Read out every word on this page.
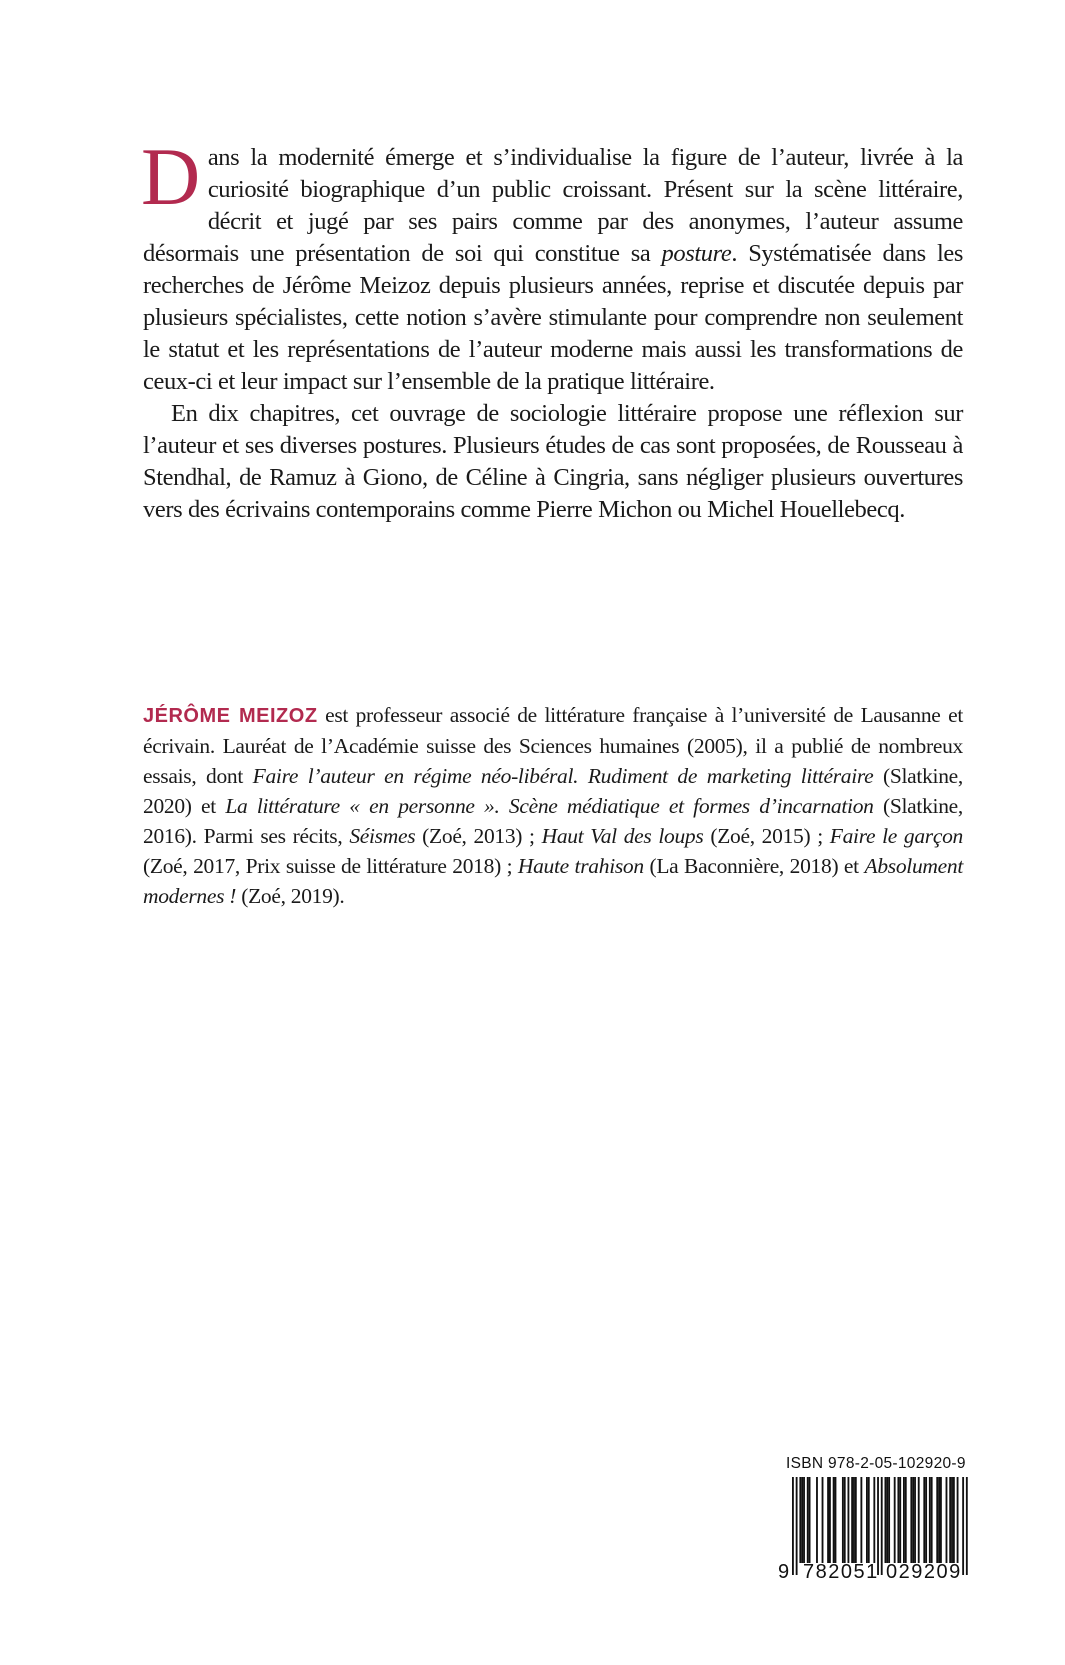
Dans la modernité émerge et s’individualise la figure de l’auteur, livrée à la curiosité biographique d’un public croissant. Présent sur la scène littéraire, décrit et jugé par ses pairs comme par des anonymes, l’auteur assume désormais une présentation de soi qui constitue sa posture. Systématisée dans les recherches de Jérôme Meizoz depuis plusieurs années, reprise et discutée depuis par plusieurs spécialistes, cette notion s’avère stimulante pour comprendre non seulement le statut et les représentations de l’auteur moderne mais aussi les transformations de ceux-ci et leur impact sur l’ensemble de la pratique littéraire.

En dix chapitres, cet ouvrage de sociologie littéraire propose une réflexion sur l’auteur et ses diverses postures. Plusieurs études de cas sont proposées, de Rousseau à Stendhal, de Ramuz à Giono, de Céline à Cingria, sans négliger plusieurs ouvertures vers des écrivains contemporains comme Pierre Michon ou Michel Houellebecq.

JÉRÔME MEIZOZ est professeur associé de littérature française à l’université de Lausanne et écrivain. Lauréat de l’Académie suisse des Sciences humaines (2005), il a publié de nombreux essais, dont Faire l’auteur en régime néo-libéral. Rudiment de marketing littéraire (Slatkine, 2020) et La littérature « en personne ». Scène médiatique et formes d’incarnation (Slatkine, 2016). Parmi ses récits, Séismes (Zoé, 2013) ; Haut Val des loups (Zoé, 2015) ; Faire le garçon (Zoé, 2017, Prix suisse de littérature 2018) ; Haute trahison (La Baconnière, 2018) et Absolument modernes ! (Zoé, 2019).

ISBN 978-2-05-102920-9
9 782051 029209
